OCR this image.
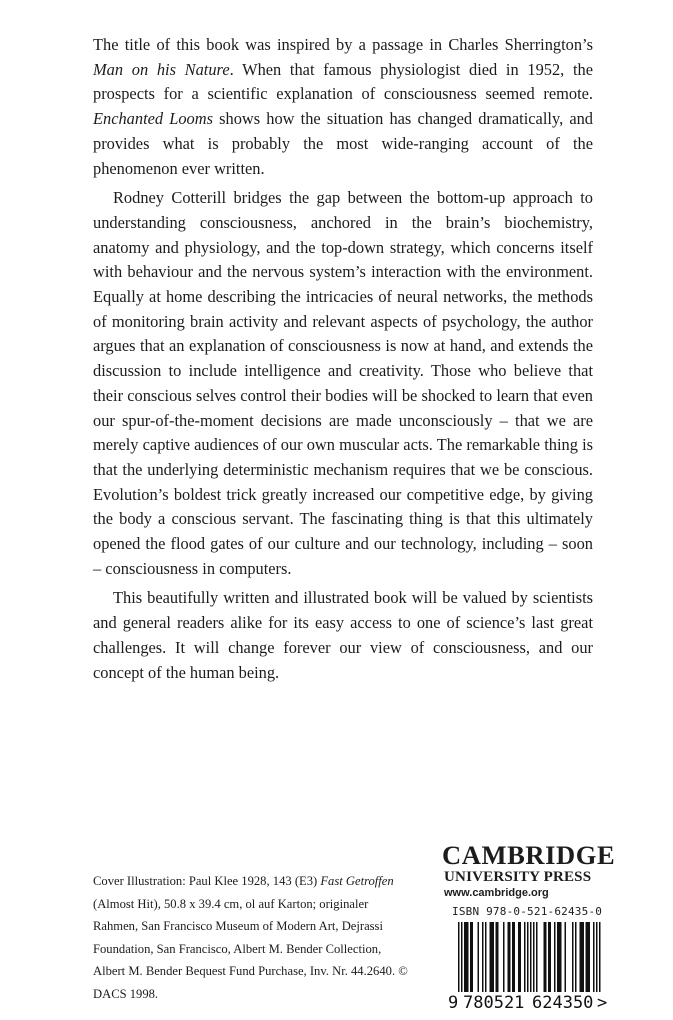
The title of this book was inspired by a passage in Charles Sherrington’s Man on his Nature. When that famous physiologist died in 1952, the prospects for a scientific explanation of consciousness seemed remote. Enchanted Looms shows how the situation has changed dramatically, and provides what is probably the most wide-ranging account of the phenomenon ever written.

Rodney Cotterill bridges the gap between the bottom-up approach to understanding consciousness, anchored in the brain’s biochemistry, anatomy and physiology, and the top-down strategy, which concerns itself with behaviour and the nervous system’s interaction with the environment. Equally at home describing the intricacies of neural networks, the methods of monitoring brain activity and relevant aspects of psychology, the author argues that an explanation of consciousness is now at hand, and extends the discussion to include intelligence and creativity. Those who believe that their conscious selves control their bodies will be shocked to learn that even our spur-of-the-moment decisions are made unconsciously – that we are merely captive audiences of our own muscular acts. The remarkable thing is that the underlying deterministic mechanism requires that we be conscious. Evolution’s boldest trick greatly increased our competitive edge, by giving the body a conscious servant. The fascinating thing is that this ultimately opened the flood gates of our culture and our technology, including – soon – consciousness in computers.

This beautifully written and illustrated book will be valued by scientists and general readers alike for its easy access to one of science’s last great challenges. It will change forever our view of consciousness, and our concept of the human being.

Cover Illustration: Paul Klee 1928, 143 (E3) Fast Getroffen (Almost Hit), 50.8 x 39.4 cm, ol auf Karton; originaler Rahmen, San Francisco Museum of Modern Art, Dejrassi Foundation, San Francisco, Albert M. Bender Collection, Albert M. Bender Bequest Fund Purchase, Inv. Nr. 44.2640. © DACS 1998.
CAMBRIDGE
UNIVERSITY PRESS
www.cambridge.org
ISBN 978-0-521-62435-0
9 780521 624350 >
